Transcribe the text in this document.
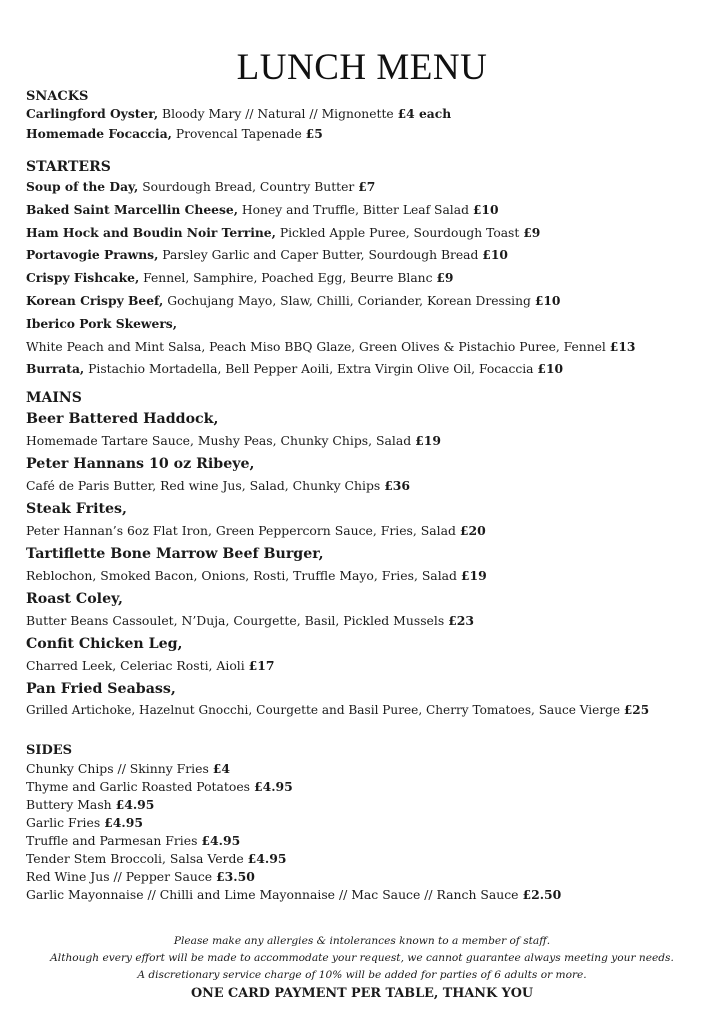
LUNCH MENU
SNACKS
Carlingford Oyster, Bloody Mary // Natural // Mignonette £4 each
Homemade Focaccia, Provencal Tapenade £5
STARTERS
Soup of the Day, Sourdough Bread, Country Butter £7
Baked Saint Marcellin Cheese, Honey and Truffle, Bitter Leaf Salad £10
Ham Hock and Boudin Noir Terrine, Pickled Apple Puree, Sourdough Toast £9
Portavogie Prawns, Parsley Garlic and Caper Butter, Sourdough Bread £10
Crispy Fishcake, Fennel, Samphire, Poached Egg, Beurre Blanc £9
Korean Crispy Beef, Gochujang Mayo, Slaw, Chilli, Coriander, Korean Dressing £10
Iberico Pork Skewers,
White Peach and Mint Salsa, Peach Miso BBQ Glaze, Green Olives & Pistachio Puree, Fennel £13
Burrata, Pistachio Mortadella, Bell Pepper Aoili, Extra Virgin Olive Oil, Focaccia £10
MAINS
Beer Battered Haddock,
Homemade Tartare Sauce, Mushy Peas, Chunky Chips, Salad £19
Peter Hannans 10 oz Ribeye,
Café de Paris Butter, Red wine Jus, Salad, Chunky Chips £36
Steak Frites,
Peter Hannan’s 6oz Flat Iron, Green Peppercorn Sauce, Fries, Salad £20
Tartiflette Bone Marrow Beef Burger,
Reblochon, Smoked Bacon, Onions, Rosti, Truffle Mayo, Fries, Salad £19
Roast Coley,
Butter Beans Cassoulet, N’Duja, Courgette, Basil, Pickled Mussels £23
Confit Chicken Leg,
Charred Leek, Celeriac Rosti, Aioli £17
Pan Fried Seabass,
Grilled Artichoke, Hazelnut Gnocchi, Courgette and Basil Puree, Cherry Tomatoes, Sauce Vierge £25
SIDES
Chunky Chips // Skinny Fries £4
Thyme and Garlic Roasted Potatoes £4.95
Buttery Mash £4.95
Garlic Fries £4.95
Truffle and Parmesan Fries £4.95
Tender Stem Broccoli, Salsa Verde £4.95
Red Wine Jus // Pepper Sauce £3.50
Garlic Mayonnaise // Chilli and Lime Mayonnaise // Mac Sauce // Ranch Sauce £2.50
Please make any allergies & intolerances known to a member of staff.
Although every effort will be made to accommodate your request, we cannot guarantee always meeting your needs.
A discretionary service charge of 10% will be added for parties of 6 adults or more.
ONE CARD PAYMENT PER TABLE, THANK YOU
